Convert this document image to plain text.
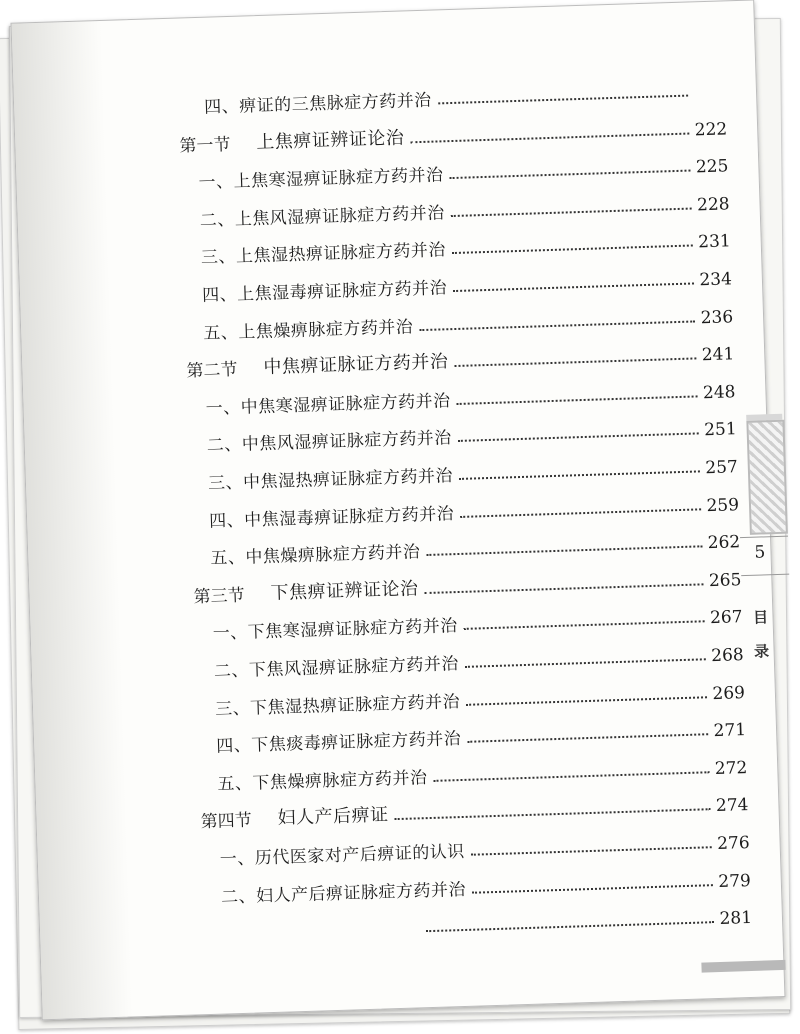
四、痹证的三焦脉症方药并治
第一节 上焦痹证辨证论治	222
一、上焦寒湿痹证脉症方药并治	225
二、上焦风湿痹证脉症方药并治	228
三、上焦湿热痹证脉症方药并治	231
四、上焦湿毒痹证脉症方药并治	234
五、上焦燥痹脉症方药并治	236
第二节 中焦痹证脉证方药并治	241
一、中焦寒湿痹证脉症方药并治	248
二、中焦风湿痹证脉症方药并治	251
三、中焦湿热痹证脉症方药并治	257
四、中焦湿毒痹证脉症方药并治	259
五、中焦燥痹脉症方药并治	262
第三节 下焦痹证辨证论治	265
一、下焦寒湿痹证脉症方药并治	267
二、下焦风湿痹证脉症方药并治	268
三、下焦湿热痹证脉症方药并治	269
四、下焦痰毒痹证脉症方药并治	271
五、下焦燥痹脉症方药并治	272
第四节 妇人产后痹证	274
一、历代医家对产后痹证的认识	276
二、妇人产后痹证脉症方药并治	279
281
5
目
录
